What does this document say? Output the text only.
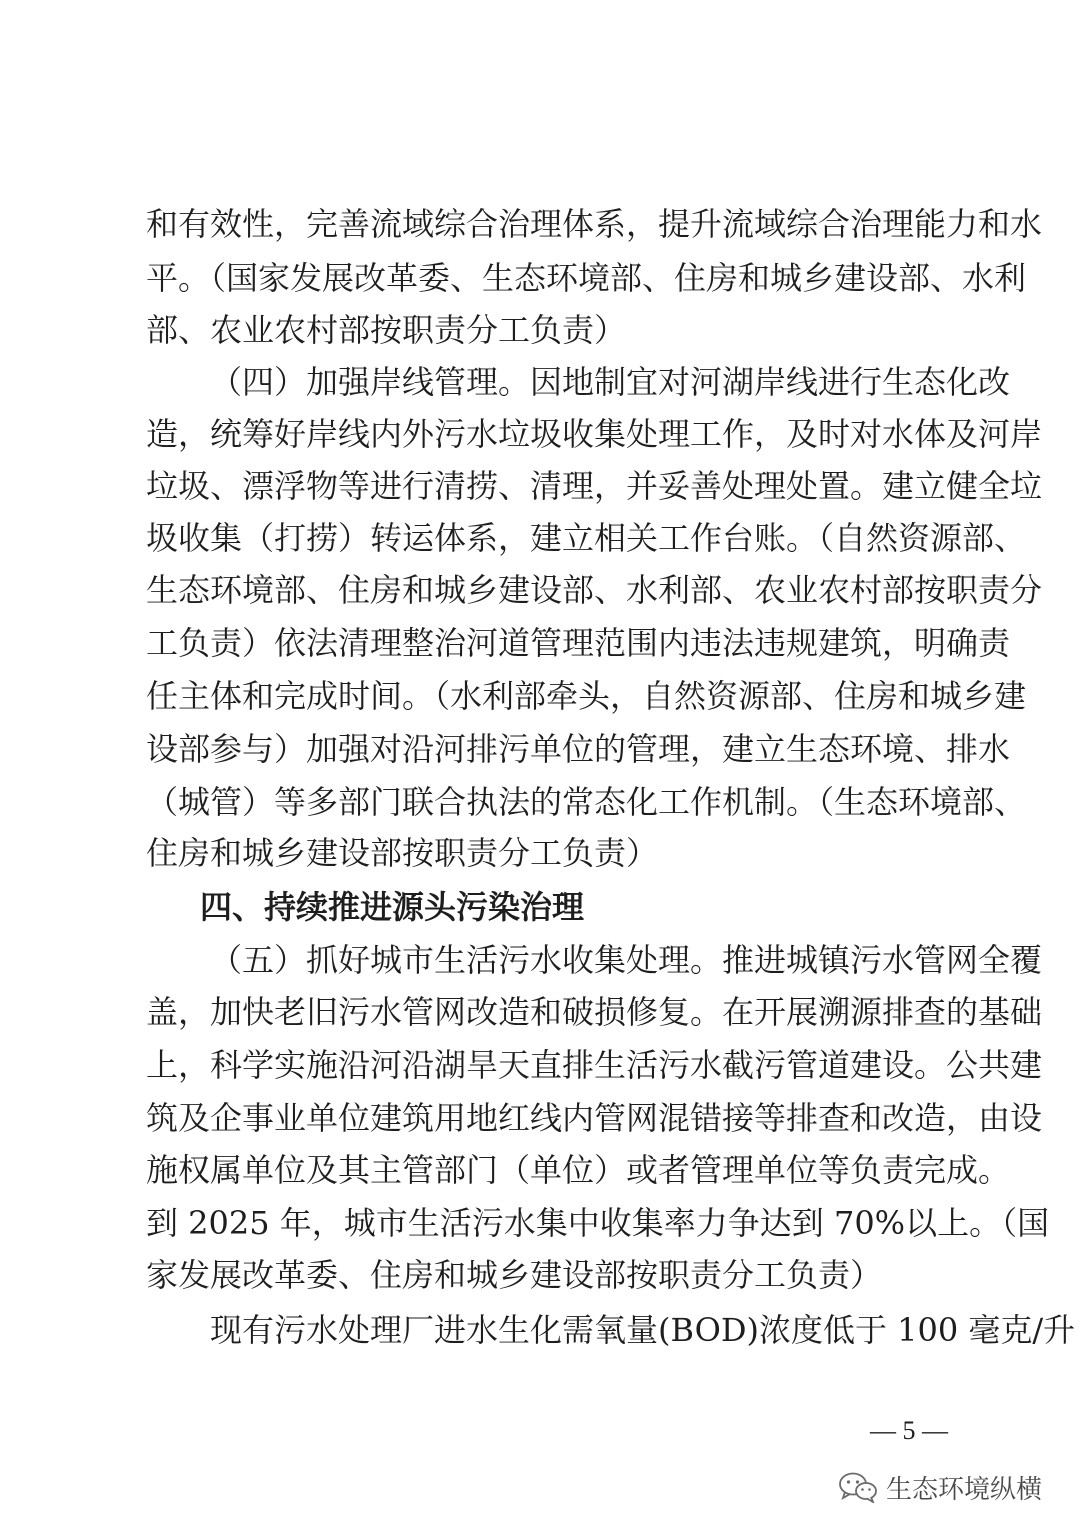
和有效性，完善流域综合治理体系，提升流域综合治理能力和水
平。（国家发展改革委、生态环境部、住房和城乡建设部、水利
部、农业农村部按职责分工负责）
（四）加强岸线管理。因地制宜对河湖岸线进行生态化改
造，统筹好岸线内外污水垃圾收集处理工作，及时对水体及河岸
垃圾、漂浮物等进行清捞、清理，并妥善处理处置。建立健全垃
圾收集（打捞）转运体系，建立相关工作台账。（自然资源部、
生态环境部、住房和城乡建设部、水利部、农业农村部按职责分
工负责）依法清理整治河道管理范围内违法违规建筑，明确责
任主体和完成时间。（水利部牵头，自然资源部、住房和城乡建
设部参与）加强对沿河排污单位的管理，建立生态环境、排水
（城管）等多部门联合执法的常态化工作机制。（生态环境部、
住房和城乡建设部按职责分工负责）
四、持续推进源头污染治理
（五）抓好城市生活污水收集处理。推进城镇污水管网全覆
盖，加快老旧污水管网改造和破损修复。在开展溯源排查的基础
上，科学实施沿河沿湖旱天直排生活污水截污管道建设。公共建
筑及企事业单位建筑用地红线内管网混错接等排查和改造，由设
施权属单位及其主管部门（单位）或者管理单位等负责完成。
到 2025 年，城市生活污水集中收集率力争达到 70%以上。（国
家发展改革委、住房和城乡建设部按职责分工负责）
现有污水处理厂进水生化需氧量(BOD)浓度低于 100 毫克/升
— 5 —
生态环境纵横
